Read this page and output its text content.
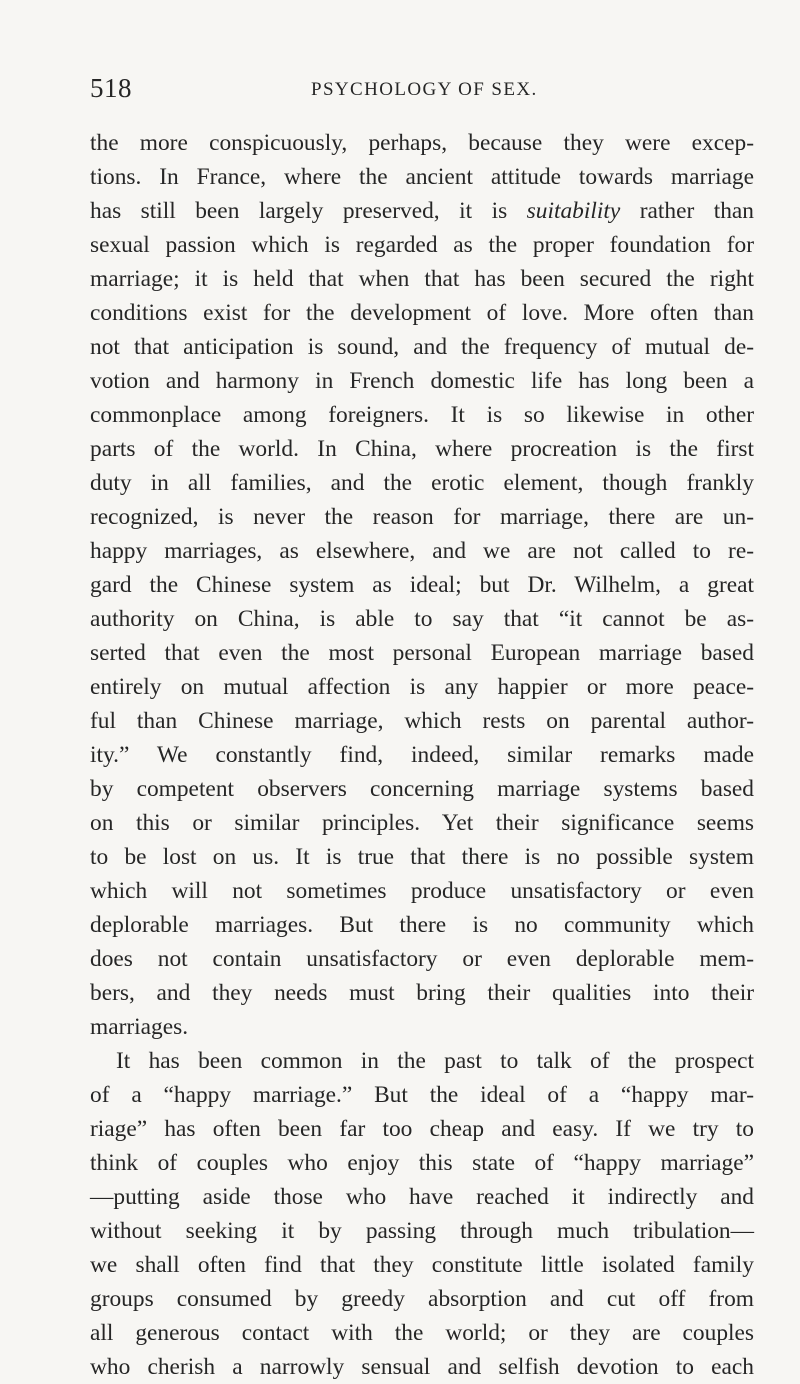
518	PSYCHOLOGY OF SEX.
the more conspicuously, perhaps, because they were excep-
tions. In France, where the ancient attitude towards marriage
has still been largely preserved, it is suitability rather than
sexual passion which is regarded as the proper foundation for
marriage; it is held that when that has been secured the right
conditions exist for the development of love. More often than
not that anticipation is sound, and the frequency of mutual de-
votion and harmony in French domestic life has long been a
commonplace among foreigners. It is so likewise in other
parts of the world. In China, where procreation is the first
duty in all families, and the erotic element, though frankly
recognized, is never the reason for marriage, there are un-
happy marriages, as elsewhere, and we are not called to re-
gard the Chinese system as ideal; but Dr. Wilhelm, a great
authority on China, is able to say that “it cannot be as-
serted that even the most personal European marriage based
entirely on mutual affection is any happier or more peace-
ful than Chinese marriage, which rests on parental author-
ity.” We constantly find, indeed, similar remarks made
by competent observers concerning marriage systems based
on this or similar principles. Yet their significance seems
to be lost on us. It is true that there is no possible system
which will not sometimes produce unsatisfactory or even
deplorable marriages. But there is no community which
does not contain unsatisfactory or even deplorable mem-
bers, and they needs must bring their qualities into their
marriages.
It has been common in the past to talk of the prospect
of a “happy marriage.” But the ideal of a “happy mar-
riage” has often been far too cheap and easy. If we try to
think of couples who enjoy this state of “happy marriage”
—putting aside those who have reached it indirectly and
without seeking it by passing through much tribulation—
we shall often find that they constitute little isolated family
groups consumed by greedy absorption and cut off from
all generous contact with the world; or they are couples
who cherish a narrowly sensual and selfish devotion to each
